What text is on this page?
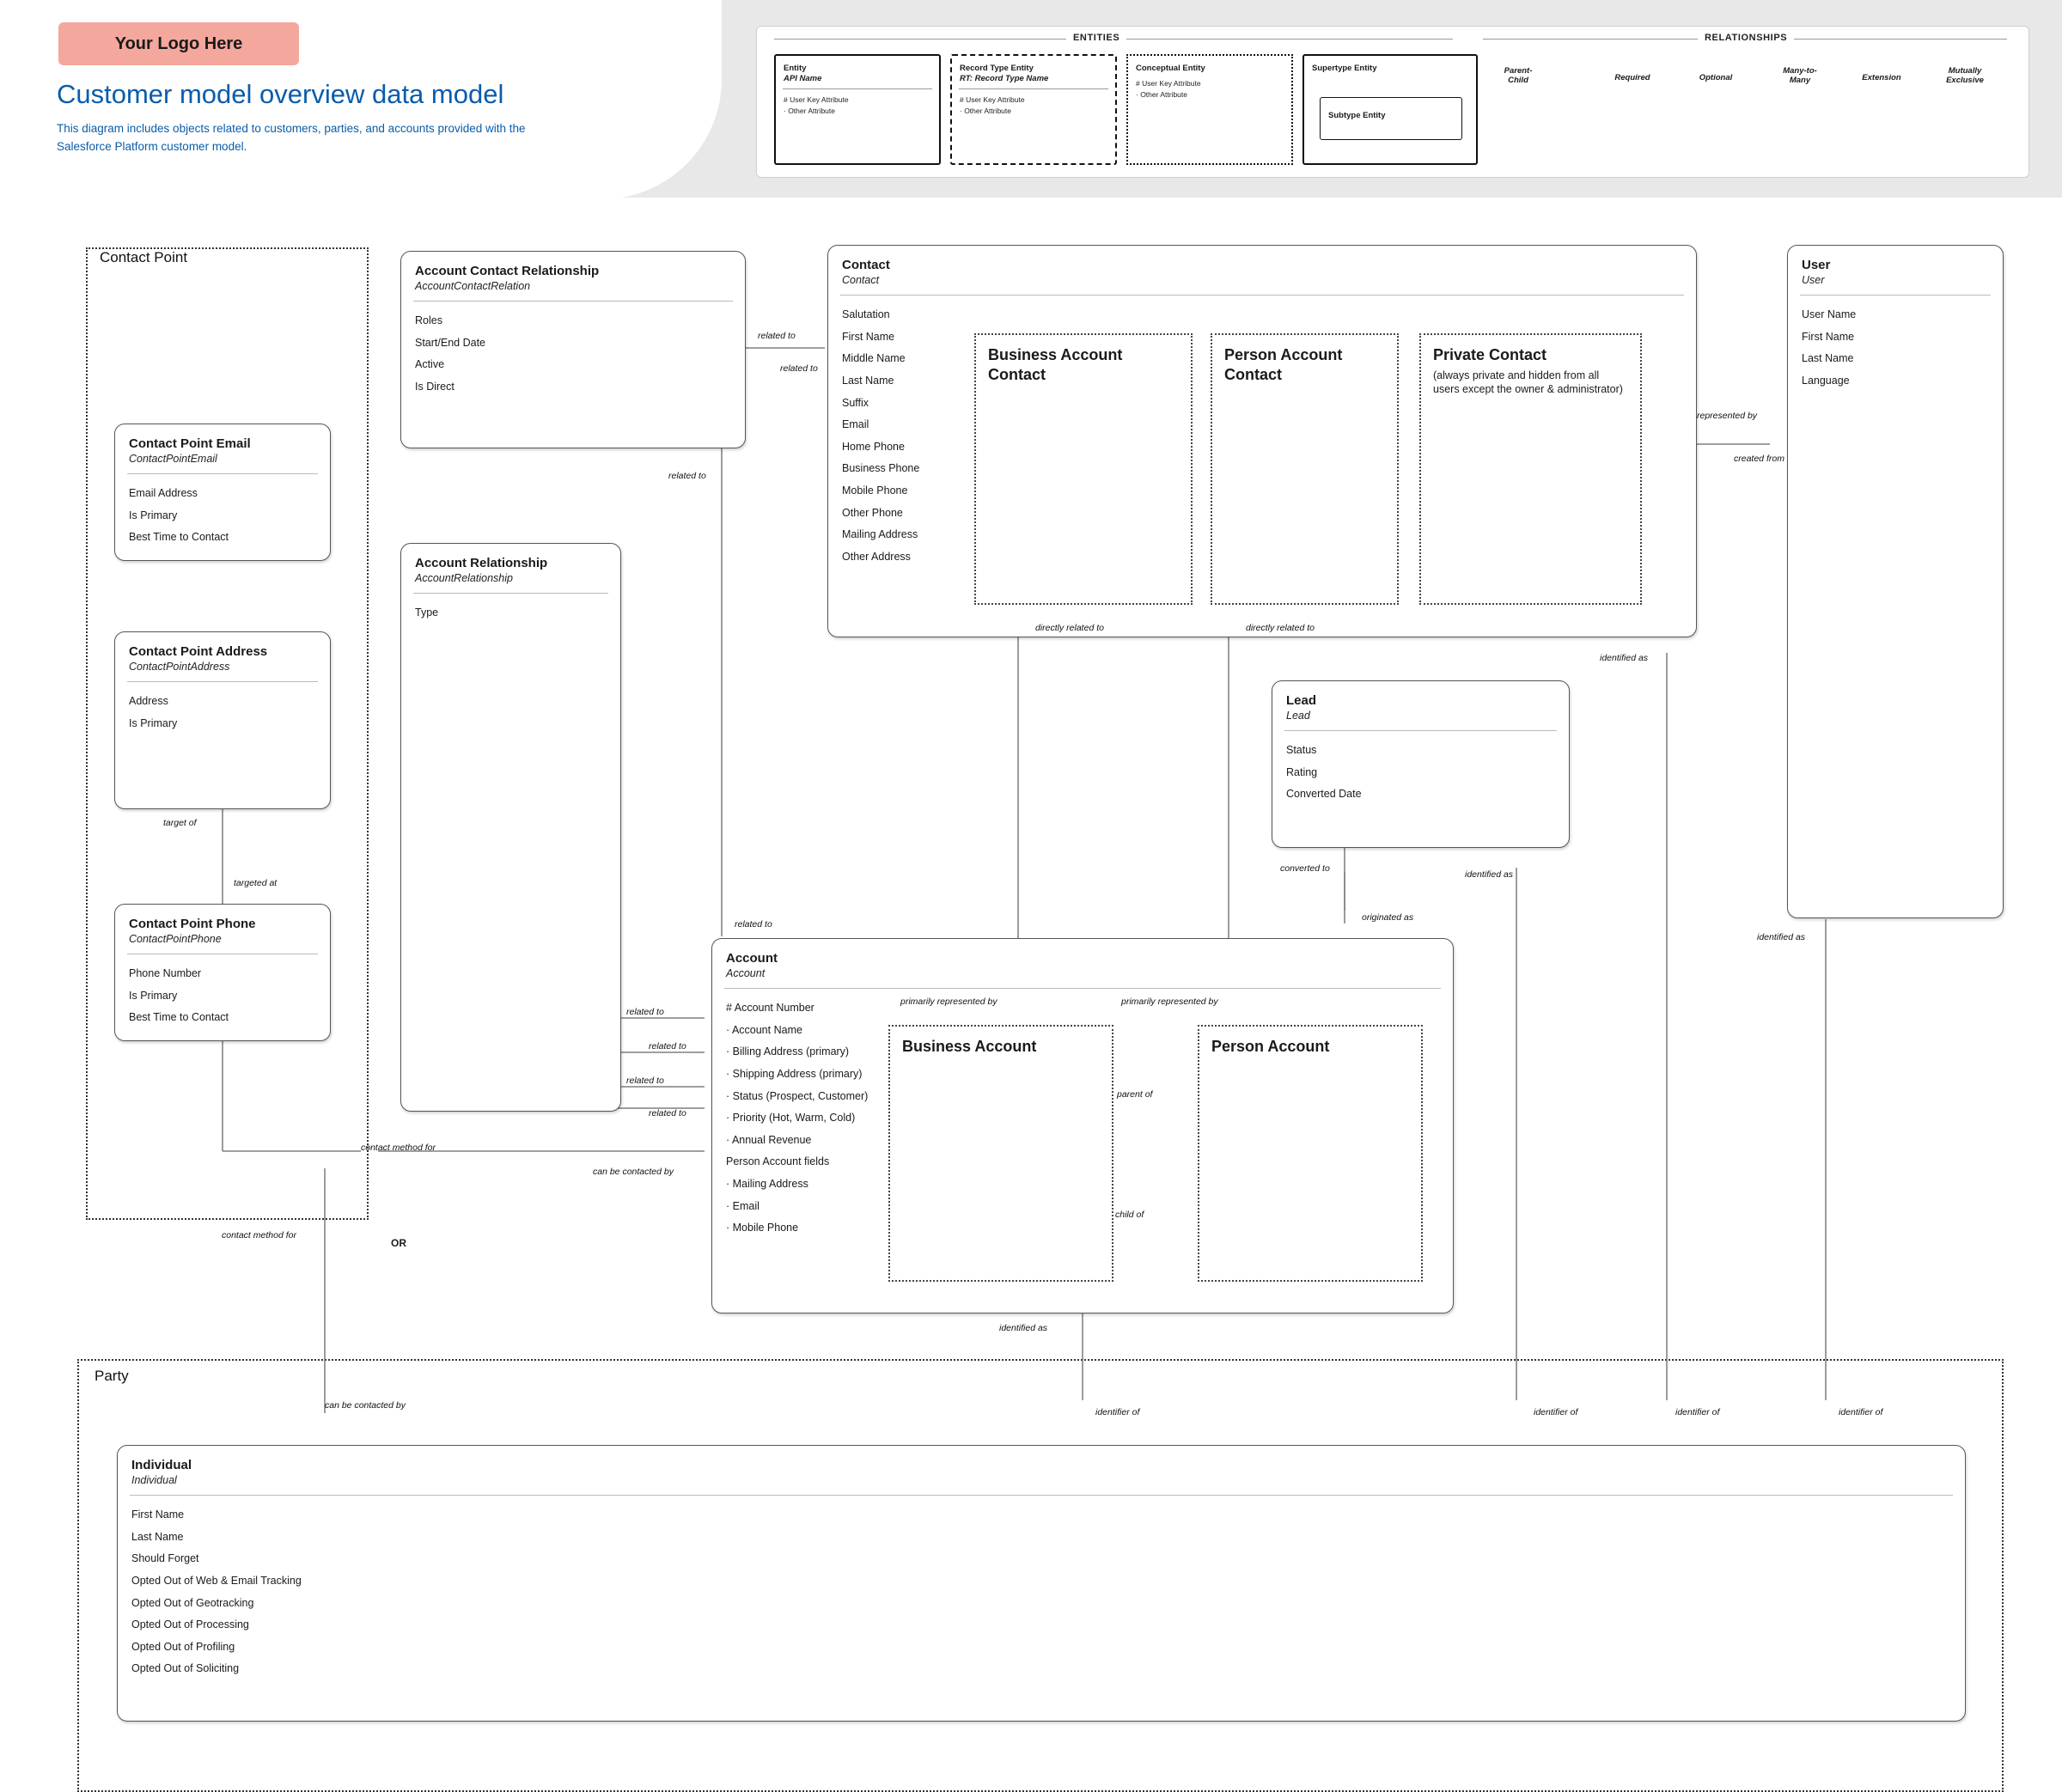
Your Logo Here
Customer model overview data model
This diagram includes objects related to customers, parties, and accounts provided with the Salesforce Platform customer model.
ENTITIES
Entity
API Name
# User Key Attribute
· Other Attribute
Record Type Entity
RT: Record Type Name
# User Key Attribute
· Other Attribute
Conceptual Entity
# User Key Attribute
· Other Attribute
Supertype Entity
Subtype Entity
RELATIONSHIPS
Parent-
Child	Required	Optional
Many-to-
Many	Extension
Mutually
Exclusive
Contact Point
Party
Contact Point Email
ContactPointEmail
Email Address
Is Primary
Best Time to Contact
Contact Point Address
ContactPointAddress
Address
Is Primary
Contact Point Phone
ContactPointPhone
Phone Number
Is Primary
Best Time to Contact
Account Contact Relationship
AccountContactRelation
Roles
Start/End Date
Active
Is Direct
Account Relationship
AccountRelationship
Type
Contact
Contact
Salutation
First Name
Middle Name
Last Name
Suffix
Email
Home Phone
Business Phone
Mobile Phone
Other Phone
Mailing Address
Other Address
Business Account Contact
Person Account Contact
Private Contact
(always private and hidden from all users except the owner & administrator)
User
User
User Name
First Name
Last Name
Language
Lead
Lead
Status
Rating
Converted Date
Account
Account
# Account Number
· Account Name
· Billing Address (primary)
· Shipping Address (primary)
· Status (Prospect, Customer)
· Priority (Hot, Warm, Cold)
· Annual Revenue
Person Account fields
· Mailing Address
· Email
· Mobile Phone
Business Account	Person Account
Individual
Individual
First Name
Last Name
Should Forget
Opted Out of Web & Email Tracking
Opted Out of Geotracking
Opted Out of Processing
Opted Out of Profiling
Opted Out of Soliciting
related to
related to
related to
related to
related to
related to
related to
related to
target of
targeted at
contact method for
contact method for
can be contacted by
can be contacted by
OR
directly related to	directly related to
primarily represented by	primarily represented by
parent of
child of
represented by
created from
identified as
identified as
identified as
identified as
converted to
originated as
identifier of	identifier of	identifier of	identifier of
